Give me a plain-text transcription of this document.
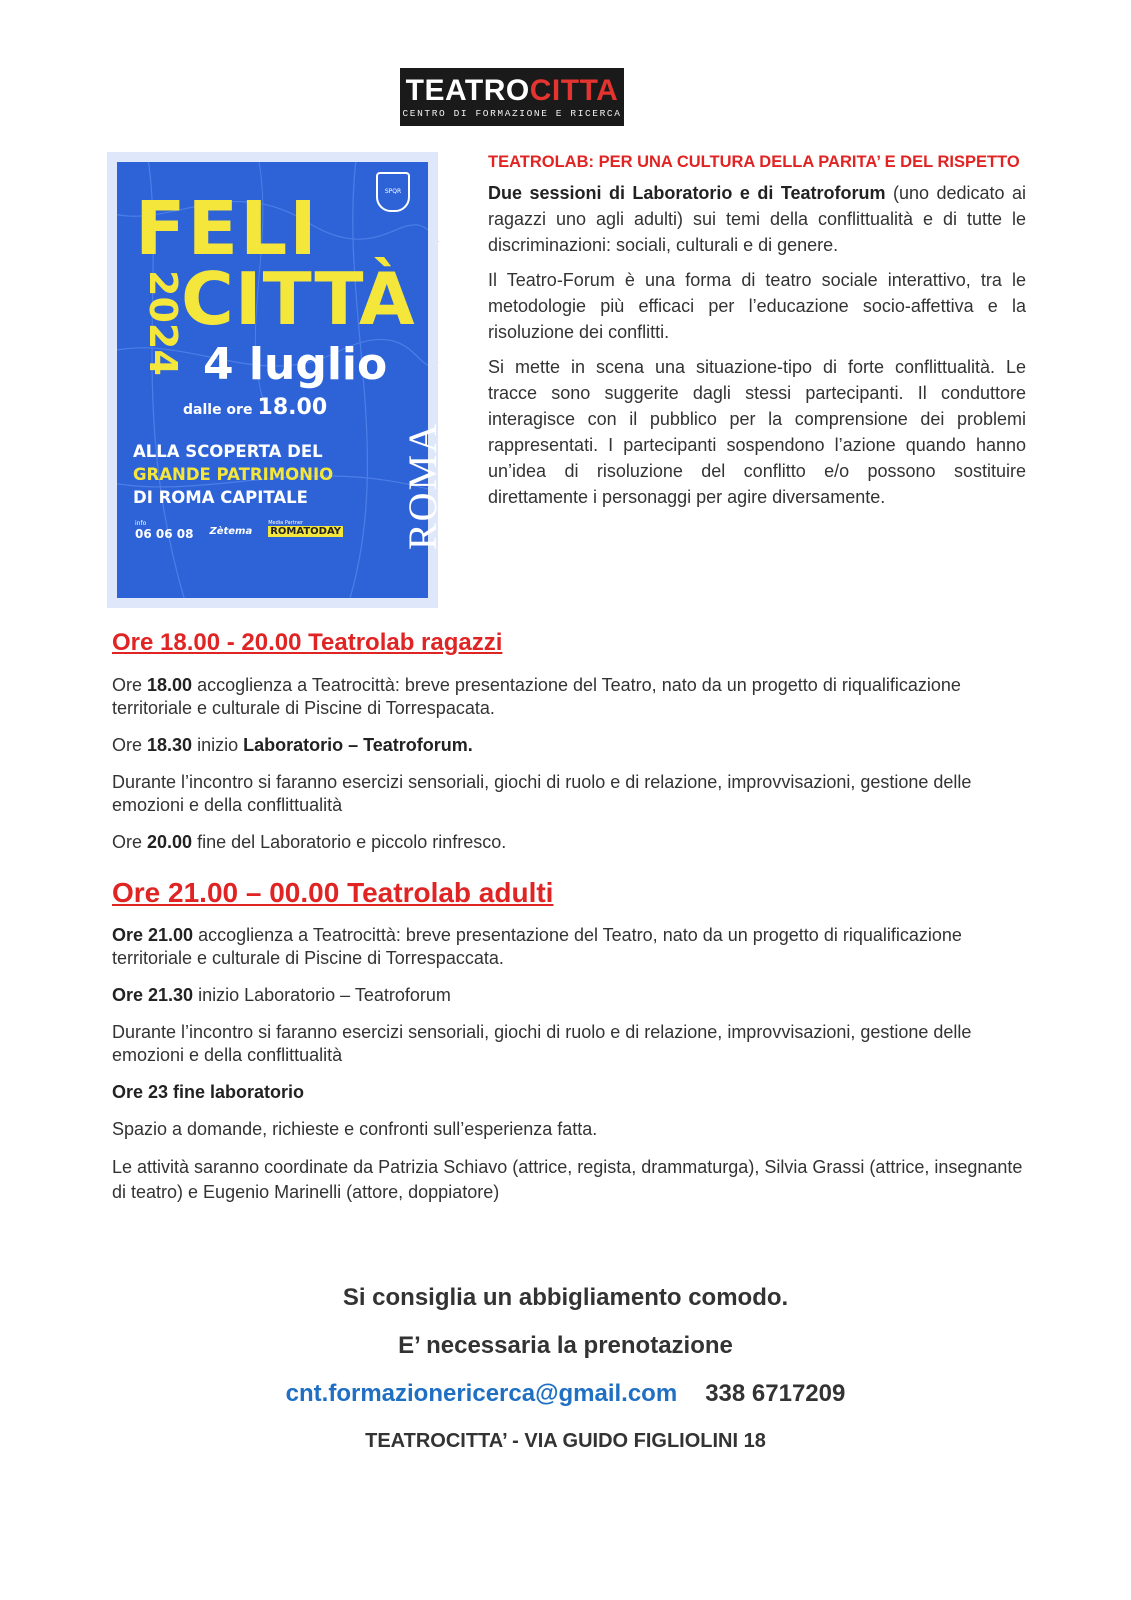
TEATROCITTA
CENTRO DI FORMAZIONE E RICERCA
SPQR
FELI
2024
CITTÀ
4 luglio
dalle ore 18.00
ALLA SCOPERTA DEL
GRANDE PATRIMONIO
DI ROMA CAPITALE
info
06 06 08 Zètema
Media Partner
ROMATODAY ROMA

TEATROLAB: PER UNA CULTURA DELLA PARITA’ E DEL RISPETTO

Due sessioni di Laboratorio e di Teatroforum (uno dedicato ai ragazzi uno agli adulti) sui temi della conflittualità e di tutte le discriminazioni: sociali, culturali e di genere.

Il Teatro-Forum è una forma di teatro sociale interattivo, tra le metodologie più efficaci per l’educazione socio-affettiva e la risoluzione dei conflitti.

Si mette in scena una situazione-tipo di forte conflittualità. Le tracce sono suggerite dagli stessi partecipanti. Il conduttore interagisce con il pubblico per la comprensione dei problemi rappresentati. I partecipanti sospendono l’azione quando hanno un’idea di risoluzione del conflitto e/o possono sostituire direttamente i personaggi per agire diversamente.

Ore 18.00 - 20.00 Teatrolab ragazzi

Ore 18.00 accoglienza a Teatrocittà: breve presentazione del Teatro, nato da un progetto di riqualificazione territoriale e culturale di Piscine di Torrespacata.

Ore 18.30 inizio Laboratorio – Teatroforum.

Durante l’incontro si faranno esercizi sensoriali, giochi di ruolo e di relazione, improvvisazioni, gestione delle emozioni e della conflittualità

Ore 20.00 fine del Laboratorio e piccolo rinfresco.

Ore 21.00 – 00.00 Teatrolab adulti

Ore 21.00 accoglienza a Teatrocittà: breve presentazione del Teatro, nato da un progetto di riqualificazione territoriale e culturale di Piscine di Torrespaccata.

Ore 21.30 inizio Laboratorio – Teatroforum

Durante l’incontro si faranno esercizi sensoriali, giochi di ruolo e di relazione, improvvisazioni, gestione delle emozioni e della conflittualità

Ore 23 fine laboratorio

Spazio a domande, richieste e confronti sull’esperienza fatta.

Le attività saranno coordinate da Patrizia Schiavo (attrice, regista, drammaturga), Silvia Grassi (attrice, insegnante di teatro) e Eugenio Marinelli (attore, doppiatore)

Si consiglia un abbigliamento comodo.
E’ necessaria la prenotazione
cnt.formazionericerca@gmail.com 338 6717209
TEATROCITTA’ - VIA GUIDO FIGLIOLINI 18
